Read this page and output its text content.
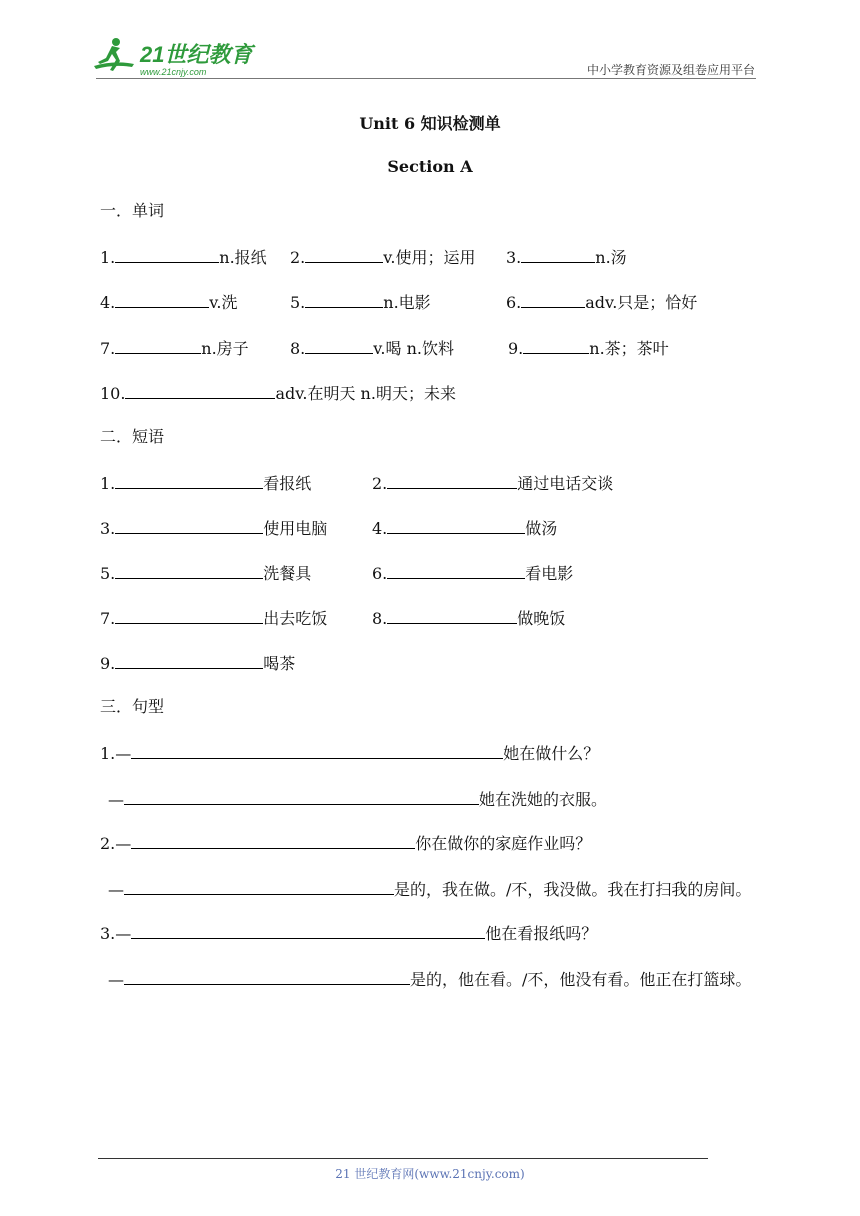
21世纪教育
www.21cnjy.com	中小学教育资源及组卷应用平台
Unit 6 知识检测单
Section A
一．单词
1.	n.报纸 2.	v.使用；运用 3.	n.汤
4.	v.洗	5.	n.电影	6.	adv.只是；恰好
7.	n.房子	8.	v.喝 n.饮料	9.	n.茶；茶叶
10.	adv.在明天 n.明天；未来
二．短语
1.	看报纸	2.	通过电话交谈
3.	使用电脑	4.	做汤
5.	洗餐具	6.	看电影
7.	出去吃饭	8.	做晚饭
9.	喝茶
三．句型
1.—	她在做什么？
—	她在洗她的衣服。
2.—	你在做你的家庭作业吗？
—	是的，我在做。/不，我没做。我在打扫我的房间。
3.—	他在看报纸吗？
—	是的，他在看。/不，他没有看。他正在打篮球。
21 世纪教育网(www.21cnjy.com)
